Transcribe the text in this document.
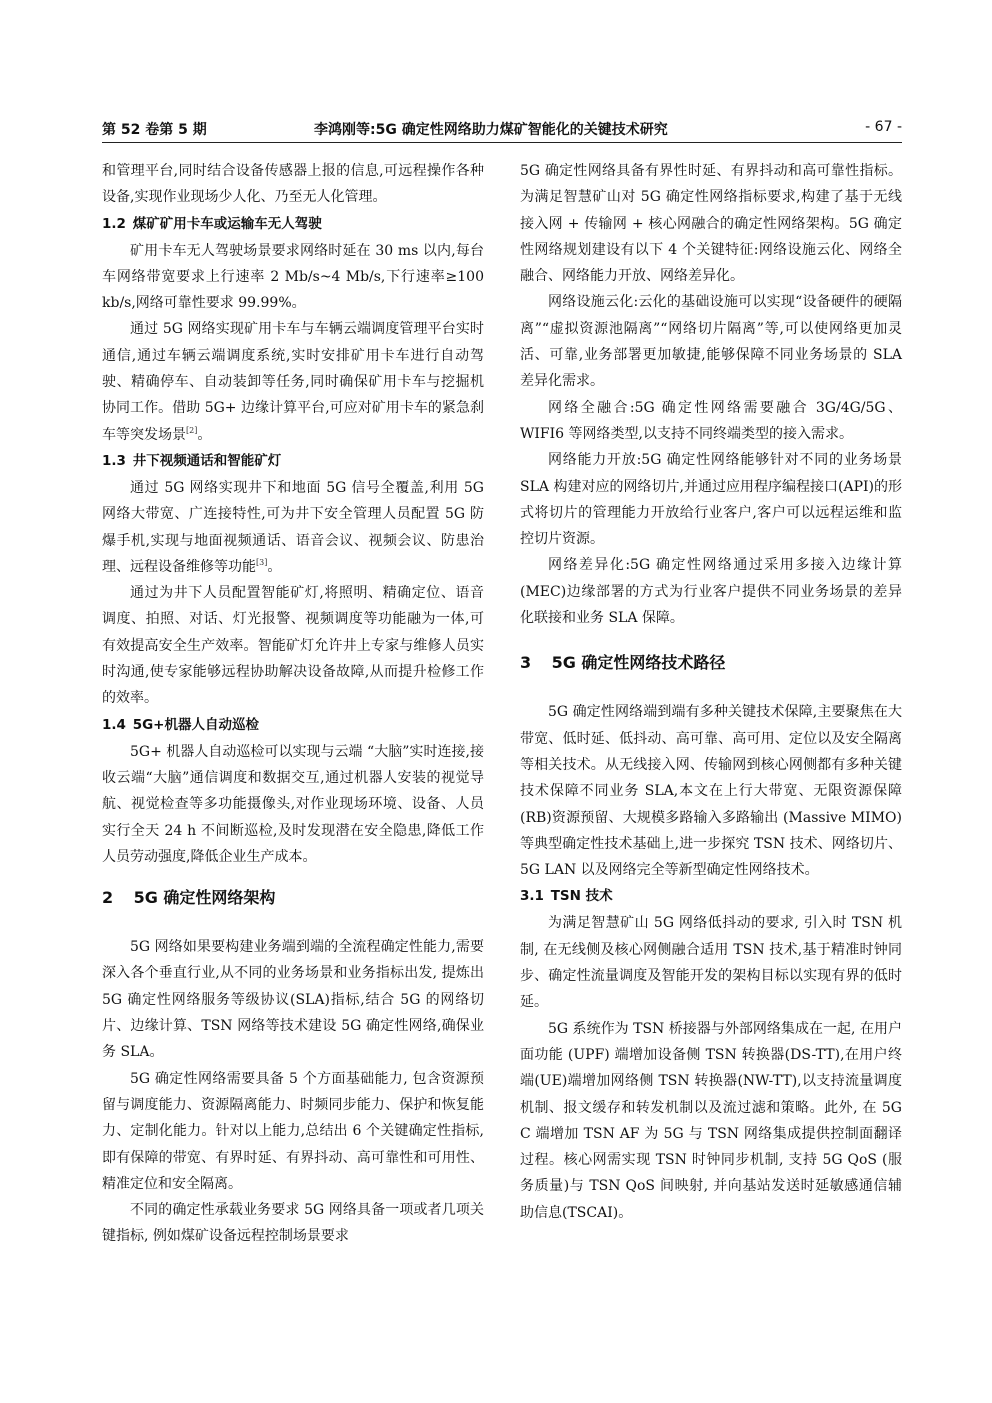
第 52 卷第 5 期	李鸿刚等:5G 确定性网络助力煤矿智能化的关键技术研究	- 67 -

和管理平台,同时结合设备传感器上报的信息,可远程操作各种设备,实现作业现场少人化、乃至无人化管理。

1.2 煤矿矿用卡车或运输车无人驾驶

矿用卡车无人驾驶场景要求网络时延在 30 ms 以内,每台车网络带宽要求上行速率 2 Mb/s~4 Mb/s,下行速率≥100 kb/s,网络可靠性要求 99.99%。

通过 5G 网络实现矿用卡车与车辆云端调度管理平台实时通信,通过车辆云端调度系统,实时安排矿用卡车进行自动驾驶、精确停车、自动装卸等任务,同时确保矿用卡车与挖掘机协同工作。借助 5G+ 边缘计算平台,可应对矿用卡车的紧急刹车等突发场景[2]。

1.3 井下视频通话和智能矿灯

通过 5G 网络实现井下和地面 5G 信号全覆盖,利用 5G 网络大带宽、广连接特性,可为井下安全管理人员配置 5G 防爆手机,实现与地面视频通话、语音会议、视频会议、防患治理、远程设备维修等功能[3]。

通过为井下人员配置智能矿灯,将照明、精确定位、语音调度、拍照、对话、灯光报警、视频调度等功能融为一体,可有效提高安全生产效率。智能矿灯允许井上专家与维修人员实时沟通,使专家能够远程协助解决设备故障,从而提升检修工作的效率。

1.4 5G+机器人自动巡检

5G+ 机器人自动巡检可以实现与云端 “大脑”实时连接,接收云端“大脑”通信调度和数据交互,通过机器人安装的视觉导航、视觉检查等多功能摄像头,对作业现场环境、设备、人员实行全天 24 h 不间断巡检,及时发现潜在安全隐患,降低工作人员劳动强度,降低企业生产成本。

2 5G 确定性网络架构

5G 网络如果要构建业务端到端的全流程确定性能力,需要深入各个垂直行业,从不同的业务场景和业务指标出发, 提炼出 5G 确定性网络服务等级协议(SLA)指标,结合 5G 的网络切片、边缘计算、TSN 网络等技术建设 5G 确定性网络,确保业务 SLA。

5G 确定性网络需要具备 5 个方面基础能力, 包含资源预留与调度能力、资源隔离能力、时频同步能力、保护和恢复能力、定制化能力。针对以上能力,总结出 6 个关键确定性指标,即有保障的带宽、有界时延、有界抖动、高可靠性和可用性、精准定位和安全隔离。

不同的确定性承载业务要求 5G 网络具备一项或者几项关键指标, 例如煤矿设备远程控制场景要求

5G 确定性网络具备有界性时延、有界抖动和高可靠性指标。为满足智慧矿山对 5G 确定性网络指标要求,构建了基于无线接入网 + 传输网 + 核心网融合的确定性网络架构。5G 确定性网络规划建设有以下 4 个关键特征:网络设施云化、网络全融合、网络能力开放、网络差异化。

网络设施云化:云化的基础设施可以实现“设备硬件的硬隔离”“虚拟资源池隔离”“网络切片隔离”等,可以使网络更加灵活、可靠,业务部署更加敏捷,能够保障不同业务场景的 SLA 差异化需求。

网络全融合:5G 确定性网络需要融合 3G/4G/5G、WIFI6 等网络类型,以支持不同终端类型的接入需求。

网络能力开放:5G 确定性网络能够针对不同的业务场景 SLA 构建对应的网络切片,并通过应用程序编程接口(API)的形式将切片的管理能力开放给行业客户,客户可以远程运维和监控切片资源。

网络差异化:5G 确定性网络通过采用多接入边缘计算(MEC)边缘部署的方式为行业客户提供不同业务场景的差异化联接和业务 SLA 保障。

3 5G 确定性网络技术路径

5G 确定性网络端到端有多种关键技术保障,主要聚焦在大带宽、低时延、低抖动、高可靠、高可用、定位以及安全隔离等相关技术。从无线接入网、传输网到核心网侧都有多种关键技术保障不同业务 SLA,本文在上行大带宽、无限资源保障(RB)资源预留、大规模多路输入多路输出 (Massive MIMO) 等典型确定性技术基础上,进一步探究 TSN 技术、网络切片、5G LAN 以及网络完全等新型确定性网络技术。

3.1 TSN 技术

为满足智慧矿山 5G 网络低抖动的要求, 引入时 TSN 机制, 在无线侧及核心网侧融合适用 TSN 技术,基于精准时钟同步、确定性流量调度及智能开发的架构目标以实现有界的低时延。

5G 系统作为 TSN 桥接器与外部网络集成在一起, 在用户面功能 (UPF) 端增加设备侧 TSN 转换器(DS-TT),在用户终端(UE)端增加网络侧 TSN 转换器(NW-TT),以支持流量调度机制、报文缓存和转发机制以及流过滤和策略。此外, 在 5G C 端增加 TSN AF 为 5G 与 TSN 网络集成提供控制面翻译过程。核心网需实现 TSN 时钟同步机制, 支持 5G QoS (服务质量)与 TSN QoS 间映射, 并向基站发送时延敏感通信辅助信息(TSCAI)。
